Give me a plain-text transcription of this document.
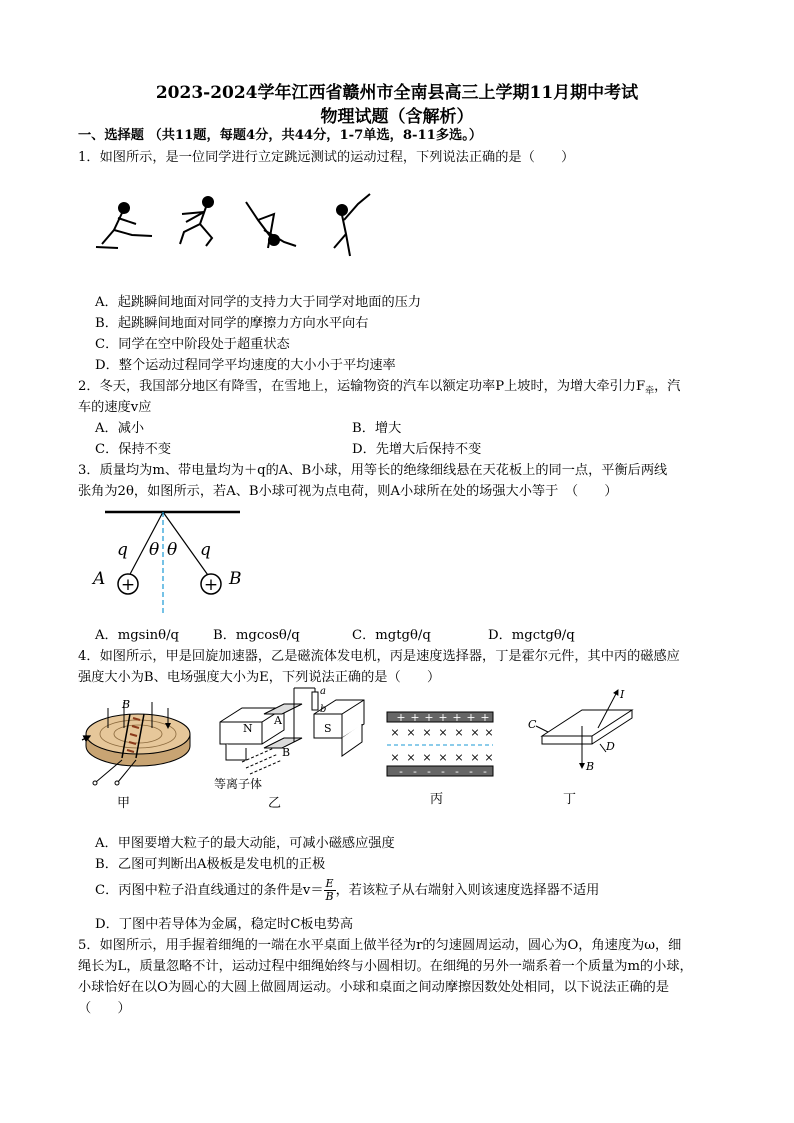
2023-2024学年江西省赣州市全南县高三上学期11月期中考试
物理试题（含解析）
一、选择题 （共11题，每题4分，共44分，1-7单选，8-11多选。）
1．如图所示，是一位同学进行立定跳远测试的运动过程，下列说法正确的是（　　）
A．起跳瞬间地面对同学的支持力大于同学对地面的压力
B．起跳瞬间地面对同学的摩擦力方向水平向右
C．同学在空中阶段处于超重状态
D．整个运动过程同学平均速度的大小小于平均速率
2．冬天，我国部分地区有降雪，在雪地上，运输物资的汽车以额定功率P上坡时，为增大牵引力$F_牵$，汽
车的速度v应
A．减小	B．增大
C．保持不变	D．先增大后保持不变
3．质量均为m、带电量均为＋q的A、B小球，用等长的绝缘细线悬在天花板上的同一点，平衡后两线
张角为2θ，如图所示，若A、B小球可视为点电荷，则A小球所在处的场强大小等于　（　　）
+	+
q	q
θ θ
A	B
A．mgsinθ/q	B．mgcosθ/q	C．mgtgθ/q	D．mgctgθ/q
4．如图所示，甲是回旋加速器，乙是磁流体发电机，丙是速度选择器，丁是霍尔元件，其中丙的磁感应
强度大小为B、电场强度大小为E，下列说法正确的是（　　）
B
甲
N	S
A
B
a
b
等离子体
乙
+ + + + + + +
- - - - - - -
× × × × × × ×
× × × × × × ×
丙
I
C
D
B
丁
A．甲图要增大粒子的最大动能，可减小磁感应强度
B．乙图可判断出A极板是发电机的正极
C．丙图中粒子沿直线通过的条件是$v= \frac{E}{B}$ ，若该粒子从右端射入则该速度选择器不适用
D．丁图中若导体为金属，稳定时C板电势高
5．如图所示，用手握着细绳的一端在水平桌面上做半径为r的匀速圆周运动，圆心为O，角速度为ω，细
绳长为L，质量忽略不计，运动过程中细绳始终与小圆相切。在细绳的另外一端系着一个质量为m的小球，
小球恰好在以O为圆心的大圆上做圆周运动。小球和桌面之间动摩擦因数处处相同，以下说法正确的是
（　　）
